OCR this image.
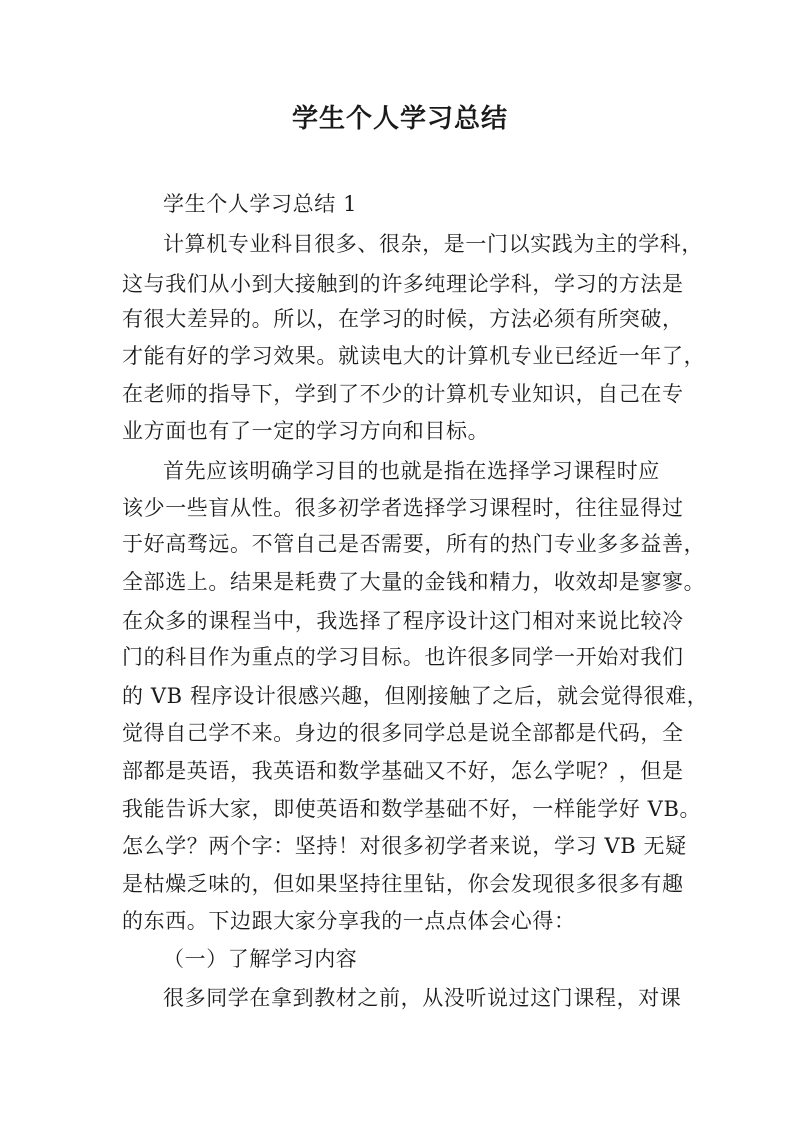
学生个人学习总结
学生个人学习总结 1
计算机专业科目很多、很杂，是一门以实践为主的学科，
这与我们从小到大接触到的许多纯理论学科，学习的方法是
有很大差异的。所以，在学习的时候，方法必须有所突破，
才能有好的学习效果。就读电大的计算机专业已经近一年了，
在老师的指导下，学到了不少的计算机专业知识，自己在专
业方面也有了一定的学习方向和目标。
首先应该明确学习目的也就是指在选择学习课程时应
该少一些盲从性。很多初学者选择学习课程时，往往显得过
于好高骛远。不管自己是否需要，所有的热门专业多多益善，
全部选上。结果是耗费了大量的金钱和精力，收效却是寥寥。
在众多的课程当中，我选择了程序设计这门相对来说比较冷
门的科目作为重点的学习目标。也许很多同学一开始对我们
的 VB 程序设计很感兴趣，但刚接触了之后，就会觉得很难，
觉得自己学不来。身边的很多同学总是说全部都是代码，全
部都是英语，我英语和数学基础又不好，怎么学呢？，但是
我能告诉大家，即使英语和数学基础不好，一样能学好 VB。
怎么学？两个字：坚持！对很多初学者来说，学习 VB 无疑
是枯燥乏味的，但如果坚持往里钻，你会发现很多很多有趣
的东西。下边跟大家分享我的一点点体会心得：
（一）了解学习内容
很多同学在拿到教材之前，从没听说过这门课程，对课
